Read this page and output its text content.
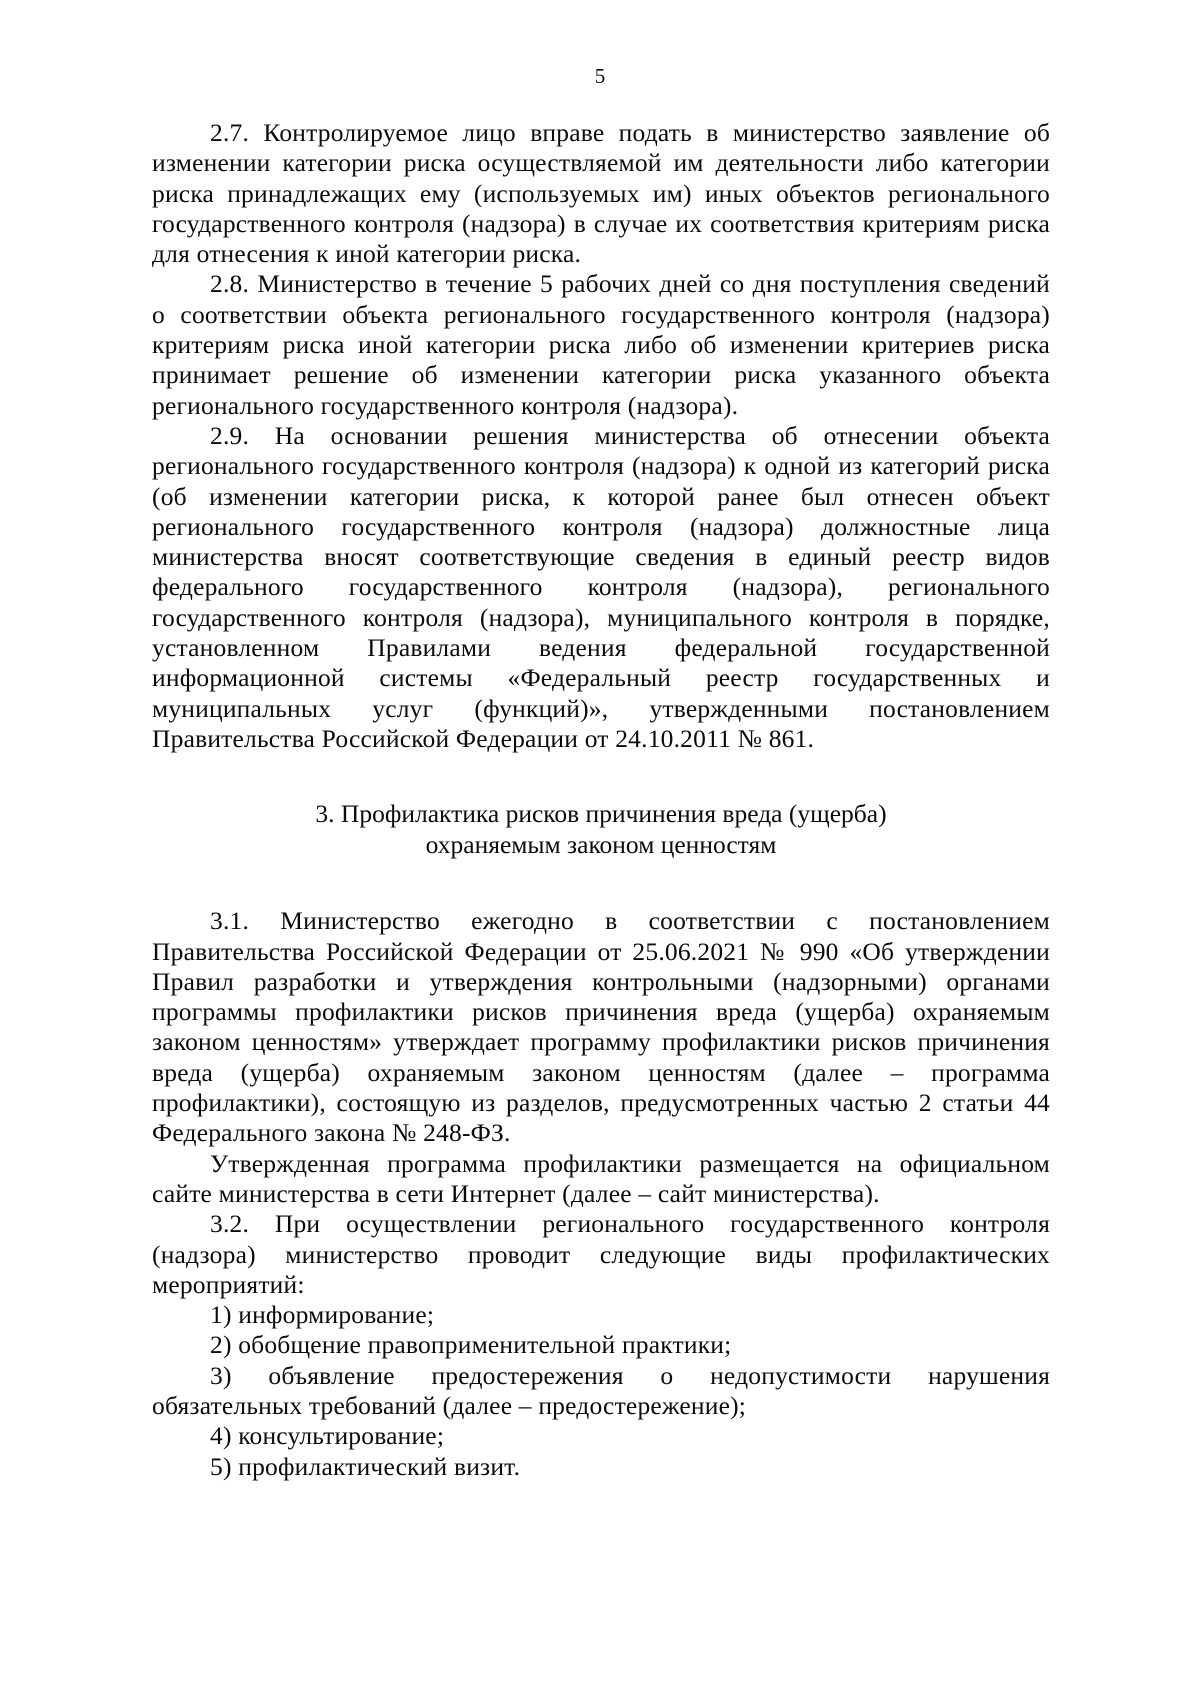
5
2.7. Контролируемое лицо вправе подать в министерство заявление об
изменении категории риска осуществляемой им деятельности либо категории
риска принадлежащих ему (используемых им) иных объектов регионального
государственного контроля (надзора) в случае их соответствия критериям риска
для отнесения к иной категории риска.
2.8. Министерство в течение 5 рабочих дней со дня поступления сведений
о соответствии объекта регионального государственного контроля (надзора)
критериям риска иной категории риска либо об изменении критериев риска
принимает решение об изменении категории риска указанного объекта
регионального государственного контроля (надзора).
2.9. На основании решения министерства об отнесении объекта
регионального государственного контроля (надзора) к одной из категорий риска
(об изменении категории риска, к которой ранее был отнесен объект
регионального государственного контроля (надзора) должностные лица
министерства вносят соответствующие сведения в единый реестр видов
федерального государственного контроля (надзора), регионального
государственного контроля (надзора), муниципального контроля в порядке,
установленном Правилами ведения федеральной государственной
информационной системы «Федеральный реестр государственных и
муниципальных услуг (функций)», утвержденными постановлением
Правительства Российской Федерации от 24.10.2011 № 861.
3. Профилактика рисков причинения вреда (ущерба)
охраняемым законом ценностям
3.1. Министерство ежегодно в соответствии с постановлением
Правительства Российской Федерации от 25.06.2021 № 990 «Об утверждении
Правил разработки и утверждения контрольными (надзорными) органами
программы профилактики рисков причинения вреда (ущерба) охраняемым
законом ценностям» утверждает программу профилактики рисков причинения
вреда (ущерба) охраняемым законом ценностям (далее – программа
профилактики), состоящую из разделов, предусмотренных частью 2 статьи 44
Федерального закона № 248-ФЗ.
Утвержденная программа профилактики размещается на официальном
сайте министерства в сети Интернет (далее – сайт министерства).
3.2. При осуществлении регионального государственного контроля
(надзора) министерство проводит следующие виды профилактических
мероприятий:
1) информирование;
2) обобщение правоприменительной практики;
3) объявление предостережения о недопустимости нарушения
обязательных требований (далее – предостережение);
4) консультирование;
5) профилактический визит.
